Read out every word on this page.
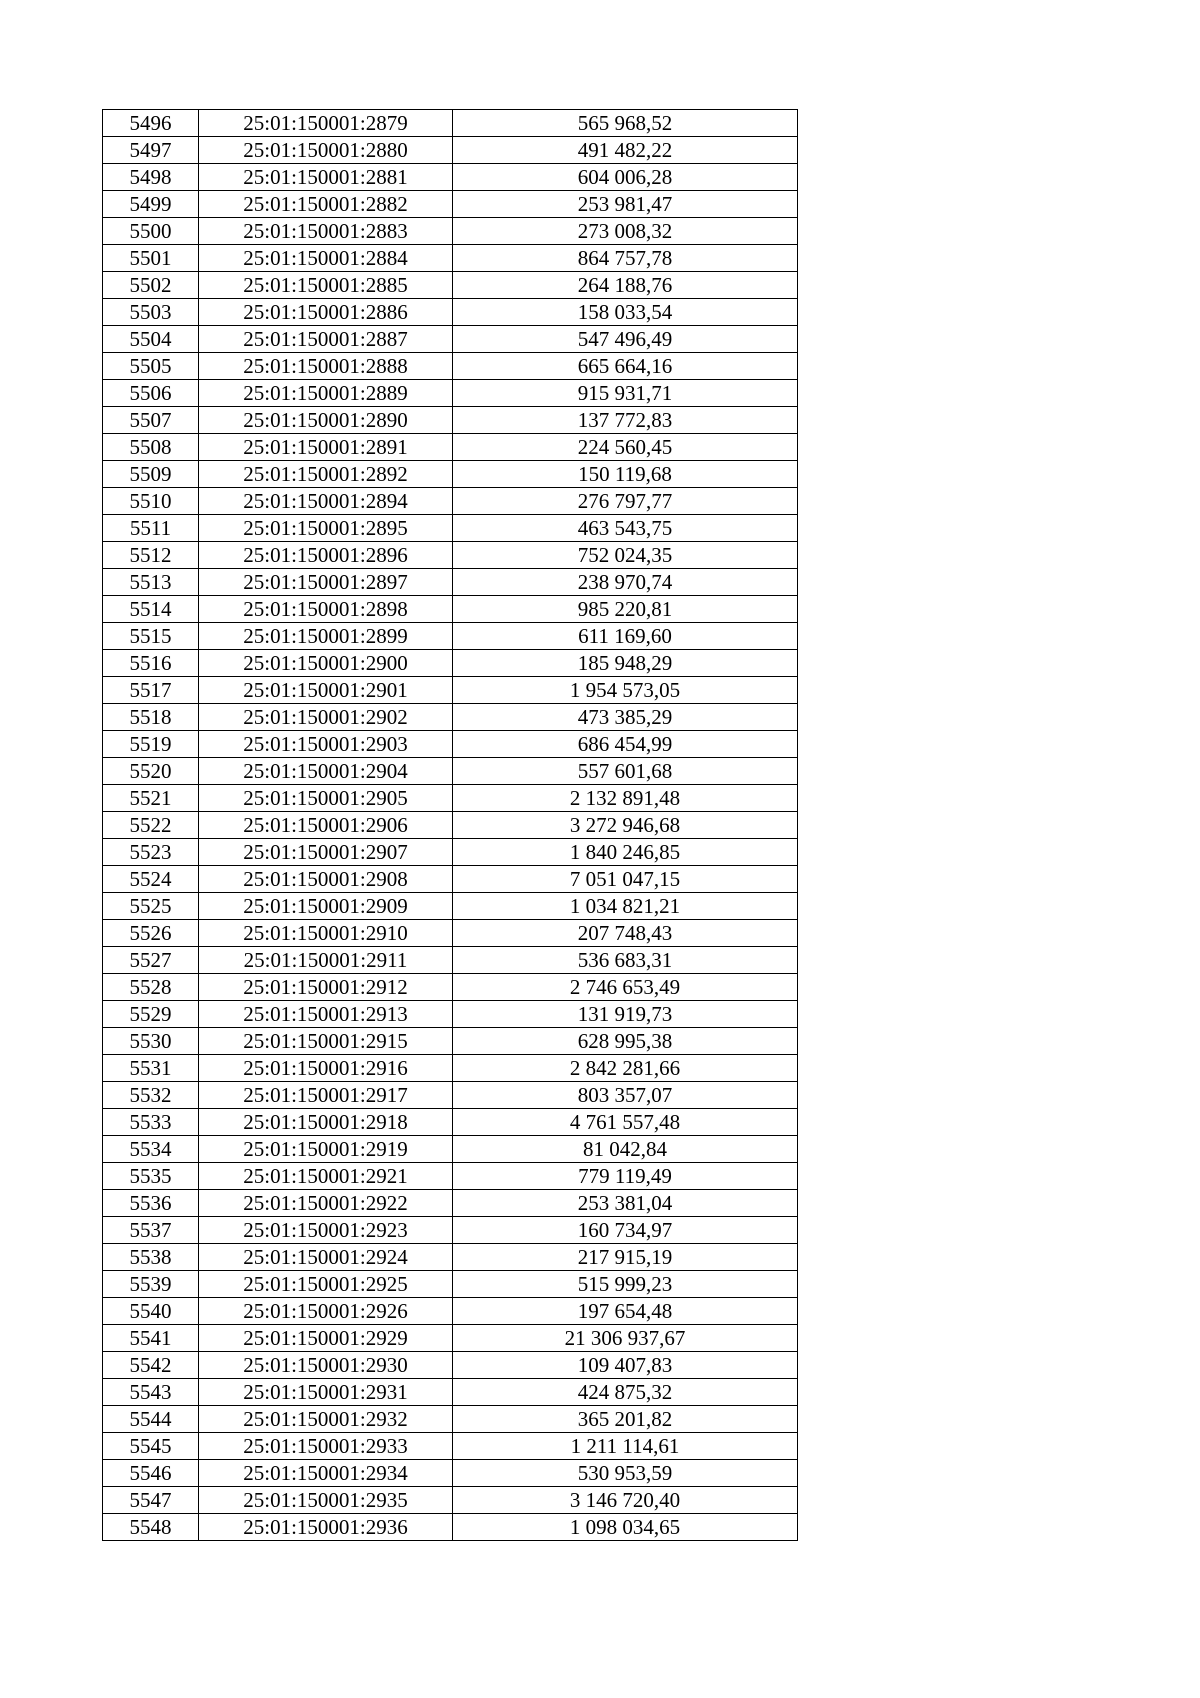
5496	25:01:150001:2879	565 968,52
5497	25:01:150001:2880	491 482,22
5498	25:01:150001:2881	604 006,28
5499	25:01:150001:2882	253 981,47
5500	25:01:150001:2883	273 008,32
5501	25:01:150001:2884	864 757,78
5502	25:01:150001:2885	264 188,76
5503	25:01:150001:2886	158 033,54
5504	25:01:150001:2887	547 496,49
5505	25:01:150001:2888	665 664,16
5506	25:01:150001:2889	915 931,71
5507	25:01:150001:2890	137 772,83
5508	25:01:150001:2891	224 560,45
5509	25:01:150001:2892	150 119,68
5510	25:01:150001:2894	276 797,77
5511	25:01:150001:2895	463 543,75
5512	25:01:150001:2896	752 024,35
5513	25:01:150001:2897	238 970,74
5514	25:01:150001:2898	985 220,81
5515	25:01:150001:2899	611 169,60
5516	25:01:150001:2900	185 948,29
5517	25:01:150001:2901	1 954 573,05
5518	25:01:150001:2902	473 385,29
5519	25:01:150001:2903	686 454,99
5520	25:01:150001:2904	557 601,68
5521	25:01:150001:2905	2 132 891,48
5522	25:01:150001:2906	3 272 946,68
5523	25:01:150001:2907	1 840 246,85
5524	25:01:150001:2908	7 051 047,15
5525	25:01:150001:2909	1 034 821,21
5526	25:01:150001:2910	207 748,43
5527	25:01:150001:2911	536 683,31
5528	25:01:150001:2912	2 746 653,49
5529	25:01:150001:2913	131 919,73
5530	25:01:150001:2915	628 995,38
5531	25:01:150001:2916	2 842 281,66
5532	25:01:150001:2917	803 357,07
5533	25:01:150001:2918	4 761 557,48
5534	25:01:150001:2919	81 042,84
5535	25:01:150001:2921	779 119,49
5536	25:01:150001:2922	253 381,04
5537	25:01:150001:2923	160 734,97
5538	25:01:150001:2924	217 915,19
5539	25:01:150001:2925	515 999,23
5540	25:01:150001:2926	197 654,48
5541	25:01:150001:2929	21 306 937,67
5542	25:01:150001:2930	109 407,83
5543	25:01:150001:2931	424 875,32
5544	25:01:150001:2932	365 201,82
5545	25:01:150001:2933	1 211 114,61
5546	25:01:150001:2934	530 953,59
5547	25:01:150001:2935	3 146 720,40
5548	25:01:150001:2936	1 098 034,65
